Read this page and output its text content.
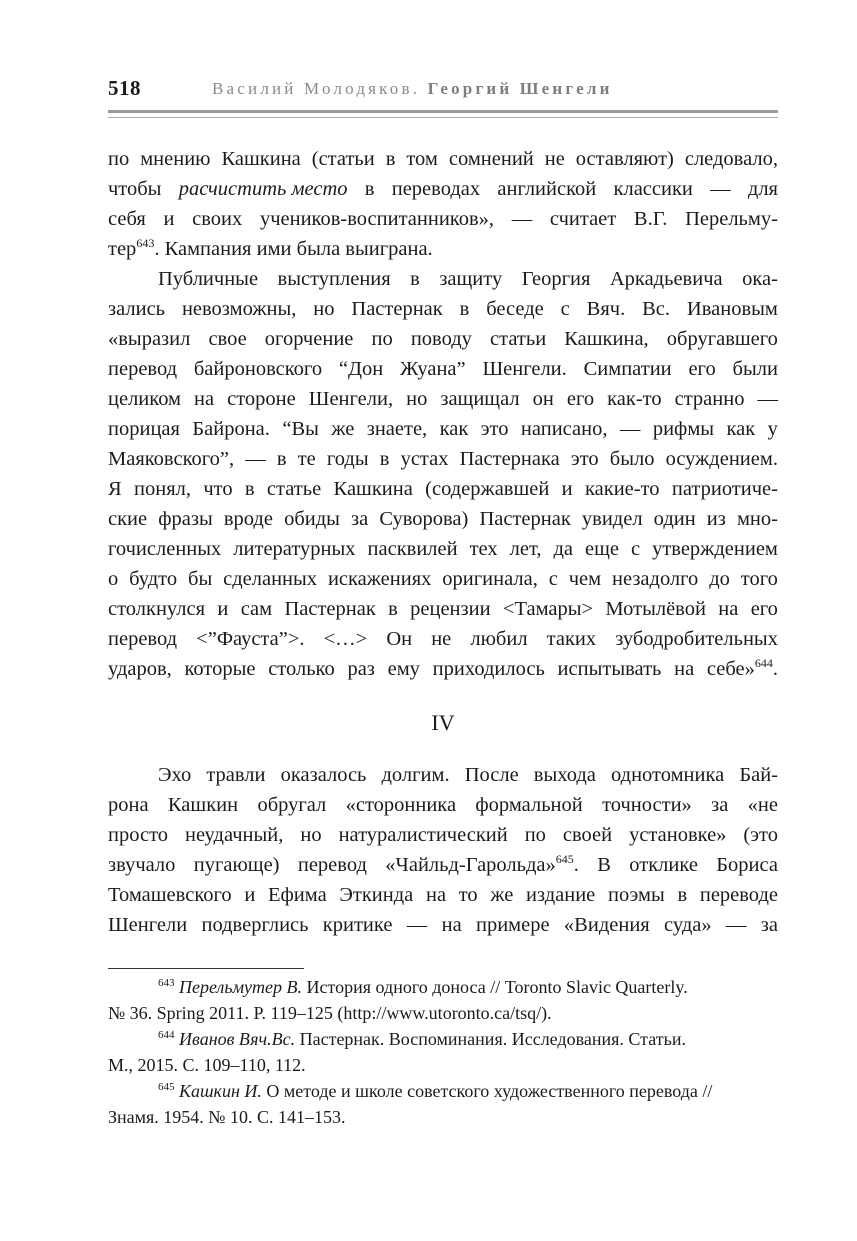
518	Василий Молодяков. Георгий Шенгели
по мнению Кашкина (статьи в том сомнений не оставляют) следовало,
чтобы расчистить место в переводах английской классики — для
себя и своих учеников-воспитанников», — считает В.Г. Перельму-
тер$^{643}$. Кампания ими была выиграна.
Публичные выступления в защиту Георгия Аркадьевича ока-
зались невозможны, но Пастернак в беседе с Вяч. Вс. Ивановым
«выразил свое огорчение по поводу статьи Кашкина, обругавшего
перевод байроновского “Дон Жуана” Шенгели. Симпатии его были
целиком на стороне Шенгели, но защищал он его как-то странно —
порицая Байрона. “Вы же знаете, как это написано, — рифмы как у
Маяковского”, — в те годы в устах Пастернака это было осуждением.
Я понял, что в статье Кашкина (содержавшей и какие-то патриотиче-
ские фразы вроде обиды за Суворова) Пастернак увидел один из мно-
гочисленных литературных пасквилей тех лет, да еще с утверждением
о будто бы сделанных искажениях оригинала, с чем незадолго до того
столкнулся и сам Пастернак в рецензии <Тамары> Мотылёвой на его
перевод <”Фауста”>. <…> Он не любил таких зубодробительных
ударов, которые столько раз ему приходилось испытывать на себе»$^{644}$.
IV
Эхо травли оказалось долгим. После выхода однотомника Бай-
рона Кашкин обругал «сторонника формальной точности» за «не
просто неудачный, но натуралистический по своей установке» (это
звучало пугающе) перевод «Чайльд-Гарольда»$^{645}$. В отклике Бориса
Томашевского и Ефима Эткинда на то же издание поэмы в переводе
Шенгели подверглись критике — на примере «Видения суда» — за
$^{643}$ Перельмутер В. История одного доноса // Toronto Slavic Quarterly.
№ 36. Spring 2011. P. 119–125 (http://www.utoronto.ca/tsq/).
$^{644}$ Иванов Вяч.Вс. Пастернак. Воспоминания. Исследования. Статьи.
М., 2015. С. 109–110, 112.
$^{645}$ Кашкин И. О методе и школе советского художественного перевода //
Знамя. 1954. № 10. С. 141–153.
